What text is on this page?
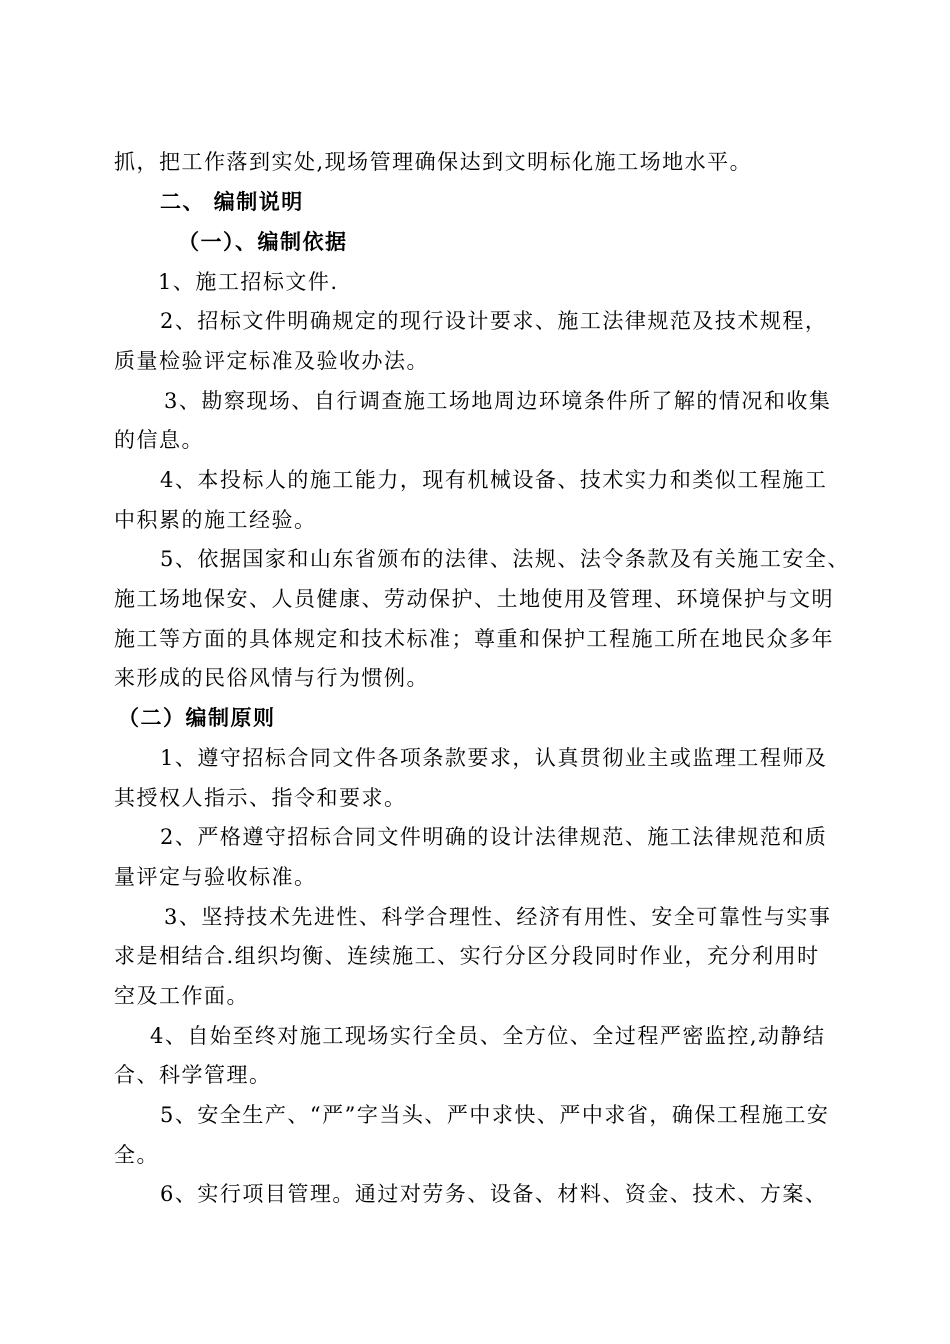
抓，把工作落到实处,现场管理确保达到文明标化施工场地水平。
二、 编制说明
（一）、编制依据
1、施工招标文件.
2、招标文件明确规定的现行设计要求、施工法律规范及技术规程，
质量检验评定标准及验收办法。
3、勘察现场、自行调查施工场地周边环境条件所了解的情况和收集
的信息。
4、本投标人的施工能力，现有机械设备、技术实力和类似工程施工
中积累的施工经验。
5、依据国家和山东省颁布的法律、法规、法令条款及有关施工安全、
施工场地保安、人员健康、劳动保护、土地使用及管理、环境保护与文明
施工等方面的具体规定和技术标准；尊重和保护工程施工所在地民众多年
来形成的民俗风情与行为惯例。
（二）编制原则
1、遵守招标合同文件各项条款要求，认真贯彻业主或监理工程师及
其授权人指示、指令和要求。
2、严格遵守招标合同文件明确的设计法律规范、施工法律规范和质
量评定与验收标准。
3、坚持技术先进性、科学合理性、经济有用性、安全可靠性与实事
求是相结合.组织均衡、连续施工、实行分区分段同时作业，充分利用时
空及工作面。
4、自始至终对施工现场实行全员、全方位、全过程严密监控,动静结
合、科学管理。
5、安全生产、“严”字当头、严中求快、严中求省，确保工程施工安
全。
6、实行项目管理。通过对劳务、设备、材料、资金、技术、方案、
